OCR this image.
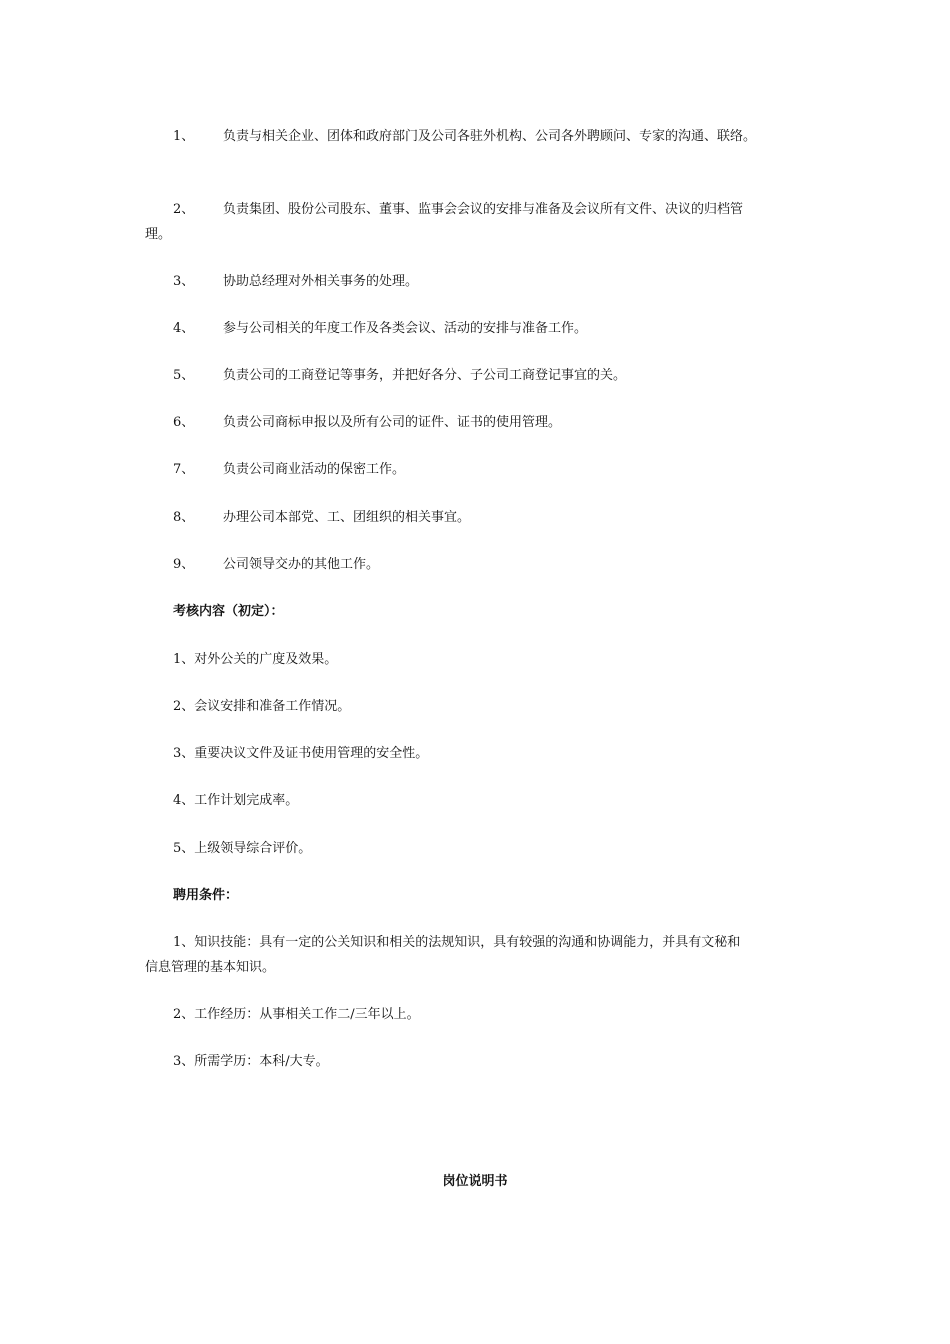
1、 负责与相关企业、团体和政府部门及公司各驻外机构、公司各外聘顾问、专家的沟通、联络。
2、 负责集团、股份公司股东、董事、监事会会议的安排与准备及会议所有文件、决议的归档管
理。
3、 协助总经理对外相关事务的处理。
4、 参与公司相关的年度工作及各类会议、活动的安排与准备工作。
5、 负责公司的工商登记等事务，并把好各分、子公司工商登记事宜的关。
6、 负责公司商标申报以及所有公司的证件、证书的使用管理。
7、 负责公司商业活动的保密工作。
8、 办理公司本部党、工、团组织的相关事宜。
9、 公司领导交办的其他工作。
考核内容（初定）：
1、对外公关的广度及效果。
2、会议安排和准备工作情况。
3、重要决议文件及证书使用管理的安全性。
4、工作计划完成率。
5、上级领导综合评价。
聘用条件：
1、知识技能：具有一定的公关知识和相关的法规知识，具有较强的沟通和协调能力，并具有文秘和
信息管理的基本知识。
2、工作经历：从事相关工作二/三年以上。
3、所需学历：本科/大专。
岗位说明书
